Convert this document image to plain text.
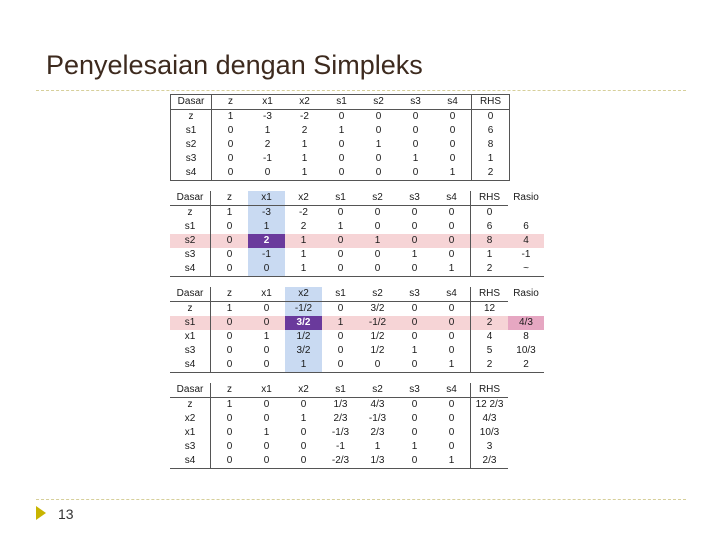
Penyelesaian dengan Simpleks
Dasar	z	x1	x2	s1	s2	s3	s4	RHS
z	1	-3	-2	0	0	0	0	0
s1	0	1	2	1	0	0	0	6
s2	0	2	1	0	1	0	0	8
s3	0	-1	1	0	0	1	0	1
s4	0	0	1	0	0	0	1	2
Dasar	z	x1	x2	s1	s2	s3	s4	RHS	Rasio
z	1	-3	-2	0	0	0	0	0	
s1	0	1	2	1	0	0	0	6	6
s2	0	2	1	0	1	0	0	8	4
s3	0	-1	1	0	0	1	0	1	-1
s4	0	0	1	0	0	0	1	2	~
Dasar	z	x1	x2	s1	s2	s3	s4	RHS	Rasio
z	1	0	-1/2	0	3/2	0	0	12	
s1	0	0	3/2	1	-1/2	0	0	2	4/3
x1	0	1	1/2	0	1/2	0	0	4	8
s3	0	0	3/2	0	1/2	1	0	5	10/3
s4	0	0	1	0	0	0	1	2	2
Dasar	z	x1	x2	s1	s2	s3	s4	RHS
z	1	0	0	1/3	4/3	0	0	12 2/3
x2	0	0	1	2/3	-1/3	0	0	4/3
x1	0	1	0	-1/3	2/3	0	0	10/3
s3	0	0	0	-1	1	1	0	3
s4	0	0	0	-2/3	1/3	0	1	2/3
13
